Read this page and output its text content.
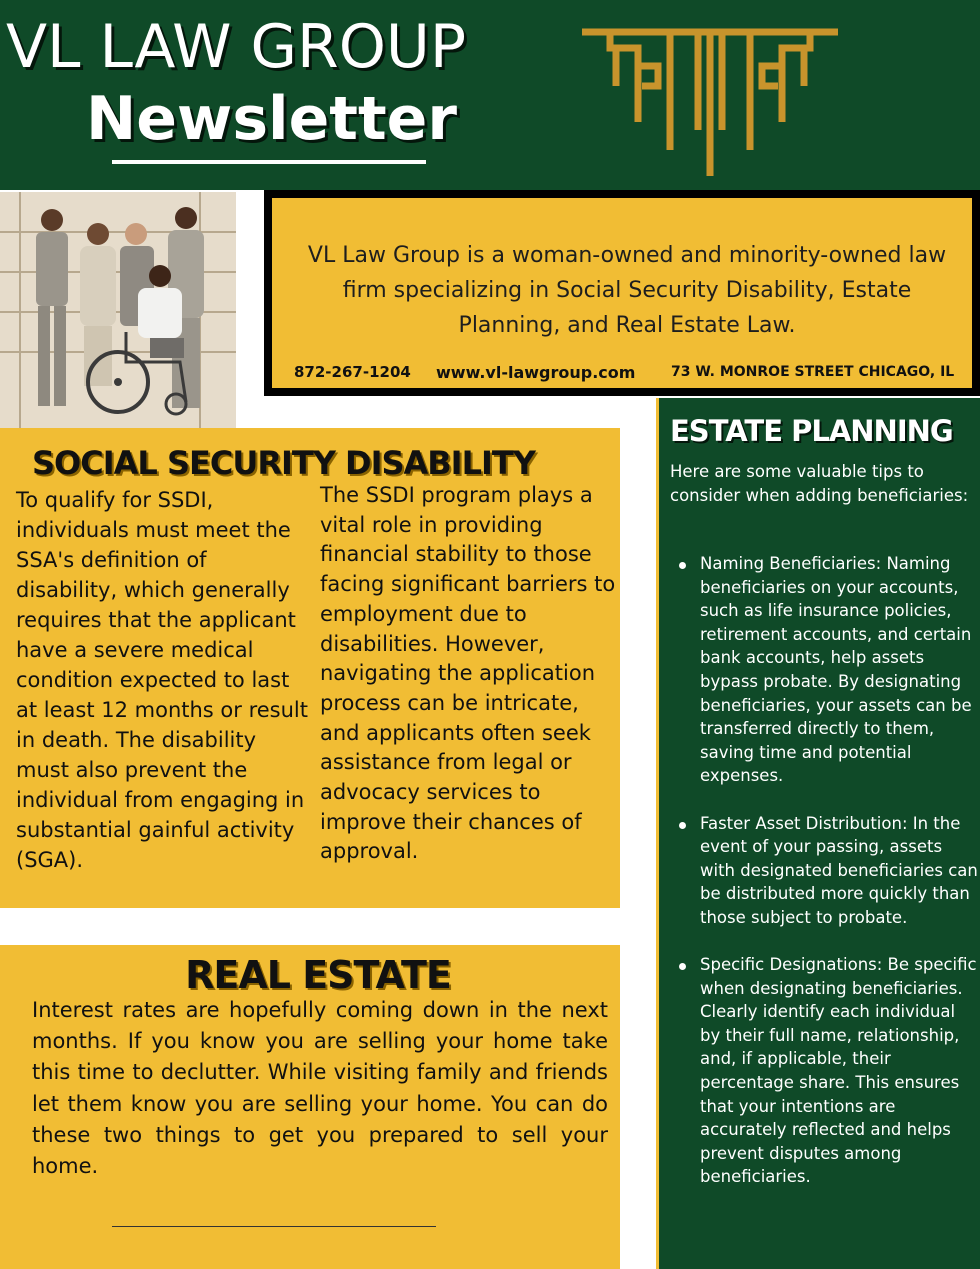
VL LAW GROUP
Newsletter
VL Law Group is a woman-owned and minority-owned law firm specializing in Social Security Disability, Estate Planning, and Real Estate Law.
872-267-1204 www.vl-lawgroup.com	73 W. MONROE STREET CHICAGO, IL
SOCIAL SECURITY DISABILITY
To qualify for SSDI, individuals must meet the SSA's definition of disability, which generally requires that the applicant have a severe medical condition expected to last at least 12 months or result in death. The disability must also prevent the individual from engaging in substantial gainful activity (SGA).
The SSDI program plays a vital role in providing financial stability to those facing significant barriers to employment due to disabilities. However, navigating the application process can be intricate, and applicants often seek assistance from legal or advocacy services to improve their chances of approval.
REAL ESTATE
Interest rates are hopefully coming down in the next months. If you know you are selling your home take this time to declutter. While visiting family and friends let them know you are selling your home. You can do these two things to get you prepared to sell your home.
ESTATE PLANNING
Here are some valuable tips to consider when adding beneficiaries:
Naming Beneficiaries: Naming beneficiaries on your accounts, such as life insurance policies, retirement accounts, and certain bank accounts, help assets bypass probate. By designating beneficiaries, your assets can be transferred directly to them, saving time and potential expenses.
Faster Asset Distribution: In the event of your passing, assets with designated beneficiaries can be distributed more quickly than those subject to probate.
Specific Designations: Be specific when designating beneficiaries. Clearly identify each individual by their full name, relationship, and, if applicable, their percentage share. This ensures that your intentions are accurately reflected and helps prevent disputes among beneficiaries.
